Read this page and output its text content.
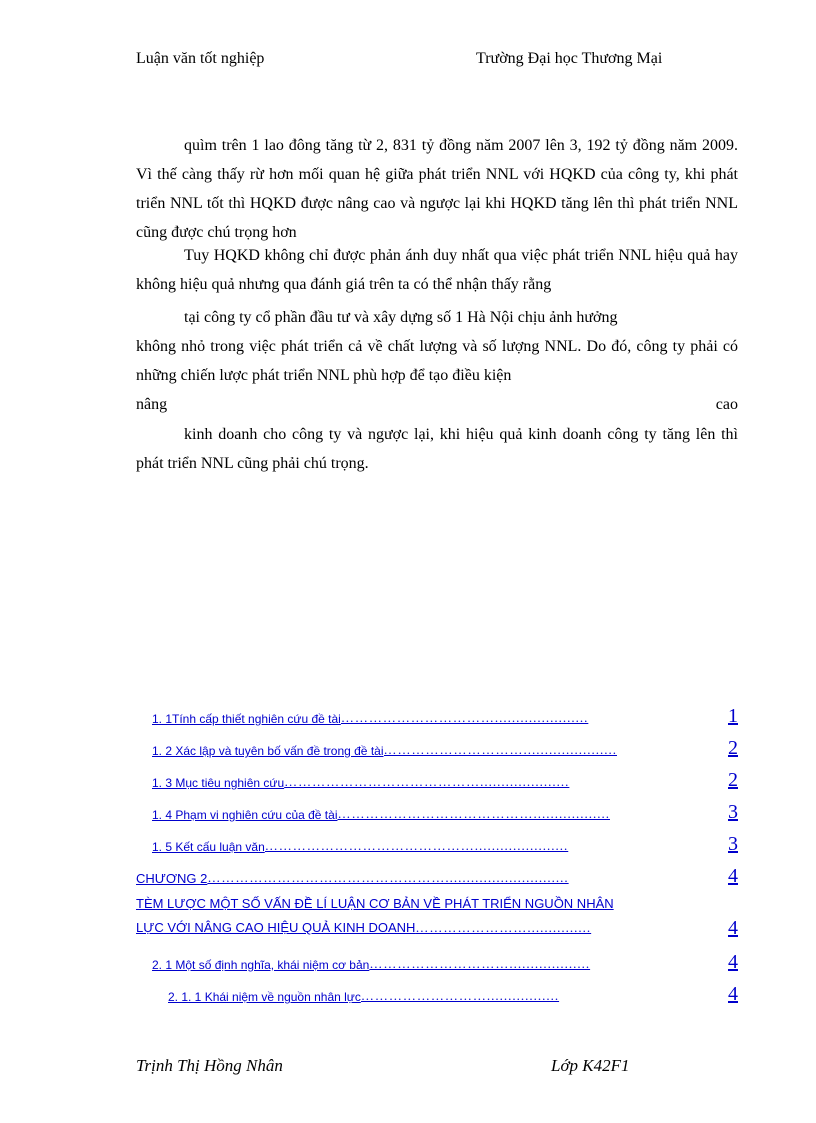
Luận văn tốt nghiệp	Trường Đại học Thương Mại
quìm trên 1 lao đông tăng từ 2, 831 tỷ đồng năm 2007 lên 3, 192 tỷ đồng năm 2009. Vì thế càng thấy rừ hơn mối quan hệ giữa phát triển NNL với HQKD của công ty, khi phát triển NNL tốt thì HQKD được nâng cao và ngược lại khi HQKD tăng lên thì phát triển NNL cũng được chú trọng hơn
Tuy HQKD không chỉ được phản ánh duy nhất qua việc phát triển NNL hiệu quả hay không hiệu quả nhưng qua đánh giá trên ta có thể nhận thấy rằng
tại công ty cổ phần đầu tư và xây dựng số 1 Hà Nội chịu ảnh hưởng
không nhỏ trong việc phát triển cả về chất lượng và số lượng NNL. Do đó, công ty phải có những chiến lược phát triển NNL phù hợp để tạo điều kiện
nâng	cao
kinh doanh cho công ty và ngược lại, khi hiệu quả kinh doanh công ty tăng lên thì phát triển NNL cũng phải chú trọng.
1. 1Tính cấp thiết nghiên cứu đề tài ……………………………......................	1
1. 2 Xác lập và tuyên bố vấn đề trong đề tài …………………………......................	2
1. 3 Mục tiêu nghiên cứu …………………………………….....................	2
1. 4 Phạm vi nghiên cứu của đề tài ……………………………………..................	3
1. 5 Kết cấu luận văn ………………………………………......................	3
CHƯƠNG 2 …………………………………………….............................	4
TÈM LƯỢC MỘT SỐ VẤN ĐỀ LÍ LUẬN CƠ BẢN VỀ PHÁT TRIỂN NGUỒN NHÂN
LỰC VỚI NÂNG CAO HIỆU QUẢ KINH DOANH ……………………...............	4
2. 1 Một số định nghĩa, khái niệm cơ bản …………………………...................	4
2. 1. 1 Khái niệm về nguồn nhân lực ……………………….................	4
Trịnh Thị Hồng Nhân	Lớp K42F1
